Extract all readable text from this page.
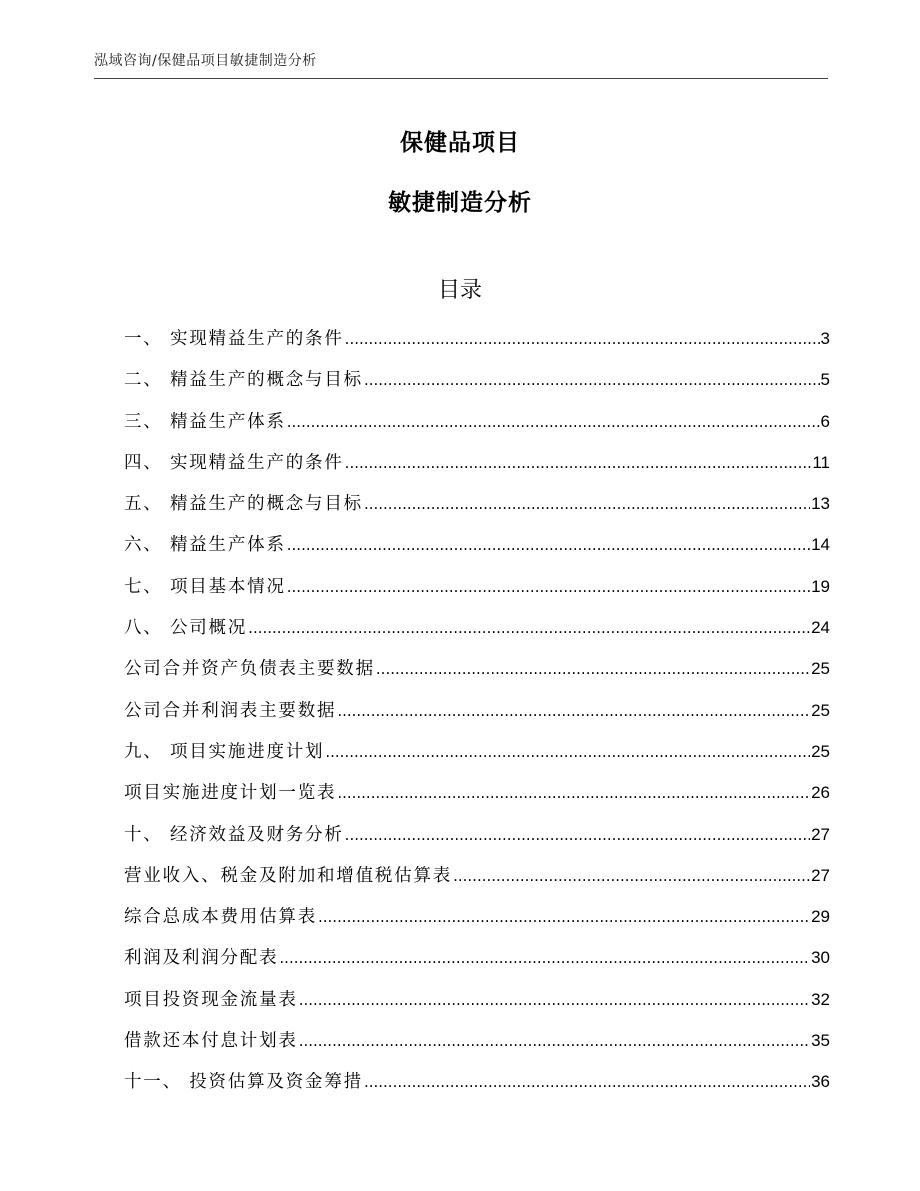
泓域咨询/保健品项目敏捷制造分析
保健品项目
敏捷制造分析
目录
一、 实现精益生产的条件 .....	3
二、 精益生产的概念与目标 .....	5
三、 精益生产体系 .....	6
四、 实现精益生产的条件 .....	11
五、 精益生产的概念与目标 .....	13
六、 精益生产体系 .....	14
七、 项目基本情况 .....	19
八、 公司概况 .....	24
公司合并资产负债表主要数据 .....	25
公司合并利润表主要数据 .....	25
九、 项目实施进度计划 .....	25
项目实施进度计划一览表 .....	26
十、 经济效益及财务分析 .....	27
营业收入、税金及附加和增值税估算表 .....	27
综合总成本费用估算表 .....	29
利润及利润分配表 .....	30
项目投资现金流量表 .....	32
借款还本付息计划表 .....	35
十一、 投资估算及资金筹措 .....	36
